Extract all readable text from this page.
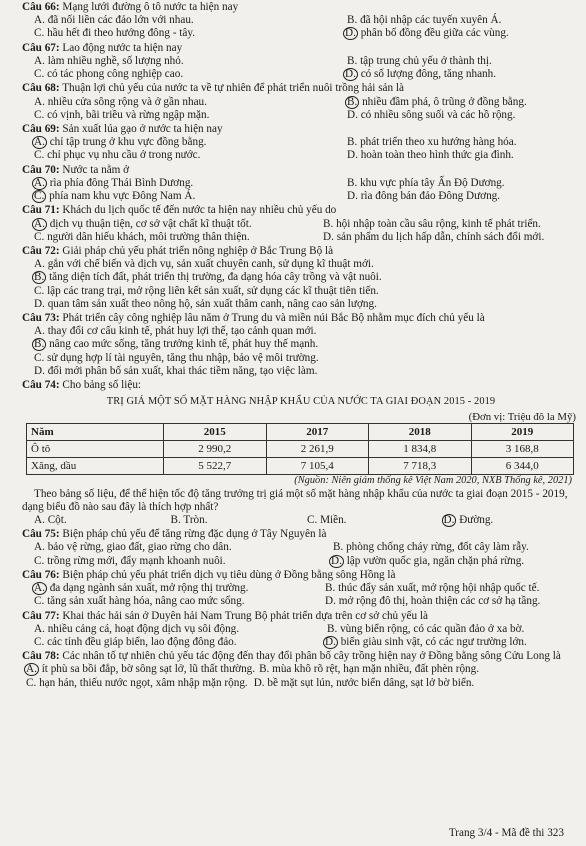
Câu 66: Mạng lưới đường ô tô nước ta hiện nay
A. đã nối liền các đảo lớn với nhau.	B. đã hội nhập các tuyến xuyên Á.
C. hầu hết đi theo hướng đông - tây.	D. phân bố đồng đều giữa các vùng.
Câu 67: Lao động nước ta hiện nay
A. làm nhiều nghề, số lượng nhỏ.	B. tập trung chủ yếu ở thành thị.
C. có tác phong công nghiệp cao.	D. có số lượng đông, tăng nhanh.
Câu 68: Thuận lợi chủ yếu của nước ta về tự nhiên để phát triển nuôi trồng hải sản là
A. nhiều cửa sông rộng và ở gần nhau.	B. nhiều đầm phá, ô trũng ở đồng bằng.
C. có vịnh, bãi triều và rừng ngập mặn.	D. có nhiều sông suối và các hồ rộng.
Câu 69: Sản xuất lúa gạo ở nước ta hiện nay
A. chỉ tập trung ở khu vực đồng bằng.	B. phát triển theo xu hướng hàng hóa.
C. chỉ phục vụ nhu cầu ở trong nước.	D. hoàn toàn theo hình thức gia đình.
Câu 70: Nước ta nằm ở
A. rìa phía đông Thái Bình Dương.	B. khu vực phía tây Ấn Độ Dương.
C. phía nam khu vực Đông Nam Á.	D. rìa đông bán đảo Đông Dương.
Câu 71: Khách du lịch quốc tế đến nước ta hiện nay nhiều chủ yếu do
A. dịch vụ thuận tiện, cơ sở vật chất kĩ thuật tốt.	B. hội nhập toàn cầu sâu rộng, kinh tế phát triển.
C. người dân hiếu khách, môi trường thân thiện.	D. sản phẩm du lịch hấp dẫn, chính sách đổi mới.
Câu 72: Giải pháp chủ yếu phát triển nông nghiệp ở Bắc Trung Bộ là
A. gắn với chế biến và dịch vụ, sản xuất chuyên canh, sử dụng kĩ thuật mới.
B. tăng diện tích đất, phát triển thị trường, đa dạng hóa cây trồng và vật nuôi.
C. lập các trang trại, mở rộng liên kết sản xuất, sử dụng các kĩ thuật tiên tiến.
D. quan tâm sản xuất theo nông hộ, sản xuất thâm canh, nâng cao sản lượng.
Câu 73: Phát triển cây công nghiệp lâu năm ở Trung du và miền núi Bắc Bộ nhằm mục đích chủ yếu là
A. thay đổi cơ cấu kinh tế, phát huy lợi thế, tạo cảnh quan mới.
B. nâng cao mức sống, tăng trưởng kinh tế, phát huy thế mạnh.
C. sử dụng hợp lí tài nguyên, tăng thu nhập, bảo vệ môi trường.
D. đổi mới phân bố sản xuất, khai thác tiềm năng, tạo việc làm.
Câu 74: Cho bảng số liệu:
TRỊ GIÁ MỘT SỐ MẶT HÀNG NHẬP KHẨU CỦA NƯỚC TA GIAI ĐOẠN 2015 - 2019
(Đơn vị: Triệu đô la Mỹ)
Năm	2015	2017	2018	2019
Ô tô	2 990,2	2 261,9	1 834,8	3 168,8
Xăng, dầu	5 522,7	7 105,4	7 718,3	6 344,0
(Nguồn: Niên giám thống kê Việt Nam 2020, NXB Thống kê, 2021)
Theo bảng số liệu, để thể hiện tốc độ tăng trưởng trị giá một số mặt hàng nhập khẩu của nước ta giai đoạn 2015 - 2019, dạng biểu đồ nào sau đây là thích hợp nhất?
A. Cột.	B. Tròn.	C. Miền.	D. Đường.
Câu 75: Biện pháp chủ yếu để tăng rừng đặc dụng ở Tây Nguyên là
A. bảo vệ rừng, giao đất, giao rừng cho dân.	B. phòng chống cháy rừng, đốt cây làm rẫy.
C. trồng rừng mới, đẩy mạnh khoanh nuôi.	D. lập vườn quốc gia, ngăn chặn phá rừng.
Câu 76: Biện pháp chủ yếu phát triển dịch vụ tiêu dùng ở Đồng bằng sông Hồng là
A. đa dạng ngành sản xuất, mở rộng thị trường.	B. thúc đẩy sản xuất, mở rộng hội nhập quốc tế.
C. tăng sản xuất hàng hóa, nâng cao mức sống.	D. mở rộng đô thị, hoàn thiện các cơ sở hạ tầng.
Câu 77: Khai thác hải sản ở Duyên hải Nam Trung Bộ phát triển dựa trên cơ sở chủ yếu là
A. nhiều cảng cá, hoạt động dịch vụ sôi động.	B. vùng biển rộng, có các quần đảo ở xa bờ.
C. các tỉnh đều giáp biển, lao động đông đảo.	D. biển giàu sinh vật, có các ngư trường lớn.
Câu 78: Các nhân tố tự nhiên chủ yếu tác động đến thay đổi phân bố cây trồng hiện nay ở Đồng bằng sông Cửu Long là
A. ít phù sa bồi đắp, bờ sông sạt lở, lũ thất thường. B. mùa khô rõ rệt, hạn mặn nhiều, đất phèn rộng.
C. hạn hán, thiếu nước ngọt, xâm nhập mặn rộng. D. bề mặt sụt lún, nước biển dâng, sạt lở bờ biển.
Trang 3/4 - Mã đề thi 323
